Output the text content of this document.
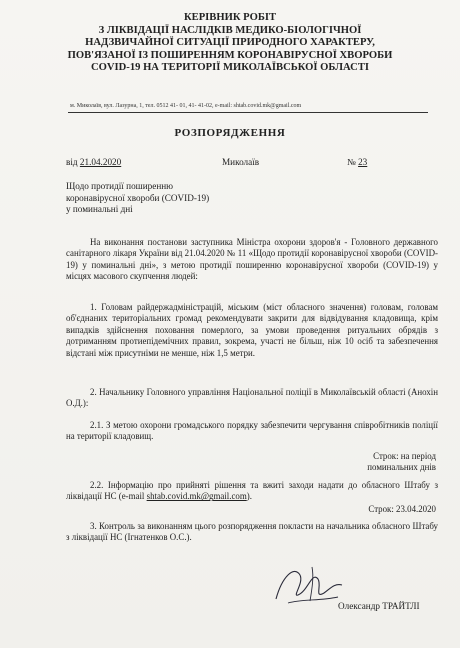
КЕРІВНИК РОБІТ
З ЛІКВІДАЦІЇ НАСЛІДКІВ МЕДИКО-БІОЛОГІЧНОЇ
НАДЗВИЧАЙНОЇ СИТУАЦІЇ ПРИРОДНОГО ХАРАКТЕРУ,
ПОВ'ЯЗАНОЇ ІЗ ПОШИРЕННЯМ КОРОНАВІРУСНОЇ ХВОРОБИ
COVID-19 НА ТЕРИТОРІЇ МИКОЛАЇВСЬКОЇ ОБЛАСТІ
м. Миколаїв, вул. Лазурна, 1, тел. 0512 41- 01, 41- 41-02, e-mail: shtab.covid.mk@gmail.com
РОЗПОРЯДЖЕННЯ
від 21.04.2020	Миколаїв	№ 23
Щодо протидії поширенню
коронавірусної хвороби (COVID-19)
у поминальні дні

На виконання постанови заступника Міністра охорони здоров'я - Головного державного санітарного лікаря України від 21.04.2020 № 11 «Щодо протидії коронавірусної хвороби (COVID-19) у поминальні дні», з метою протидії поширенню коронавірусної хвороби (COVID-19) у місцях масового скупчення людей:

1. Головам райдержадміністрацій, міським (міст обласного значення) головам, головам об'єднаних територіальних громад рекомендувати закрити для відвідування кладовища, крім випадків здійснення поховання померлого, за умови проведення ритуальних обрядів з дотриманням протиепідемічних правил, зокрема, участі не більш, ніж 10 осіб та забезпечення відстані між присутніми не менше, ніж 1,5 метри.

2. Начальнику Головного управління Національної поліції в Миколаївській області (Анохін О.Д.):

2.1. З метою охорони громадського порядку забезпечити чергування співробітників поліції на території кладовищ.

Строк: на період
поминальних днів

2.2. Інформацію про прийняті рішення та вжиті заходи надати до обласного Штабу з ліквідації НС (e-mail shtab.covid.mk@gmail.com).

Строк: 23.04.2020

3. Контроль за виконанням цього розпорядження покласти на начальника обласного Штабу з ліквідації НС (Ігнатенков О.С.).

Олександр ТРАЙТЛІ
